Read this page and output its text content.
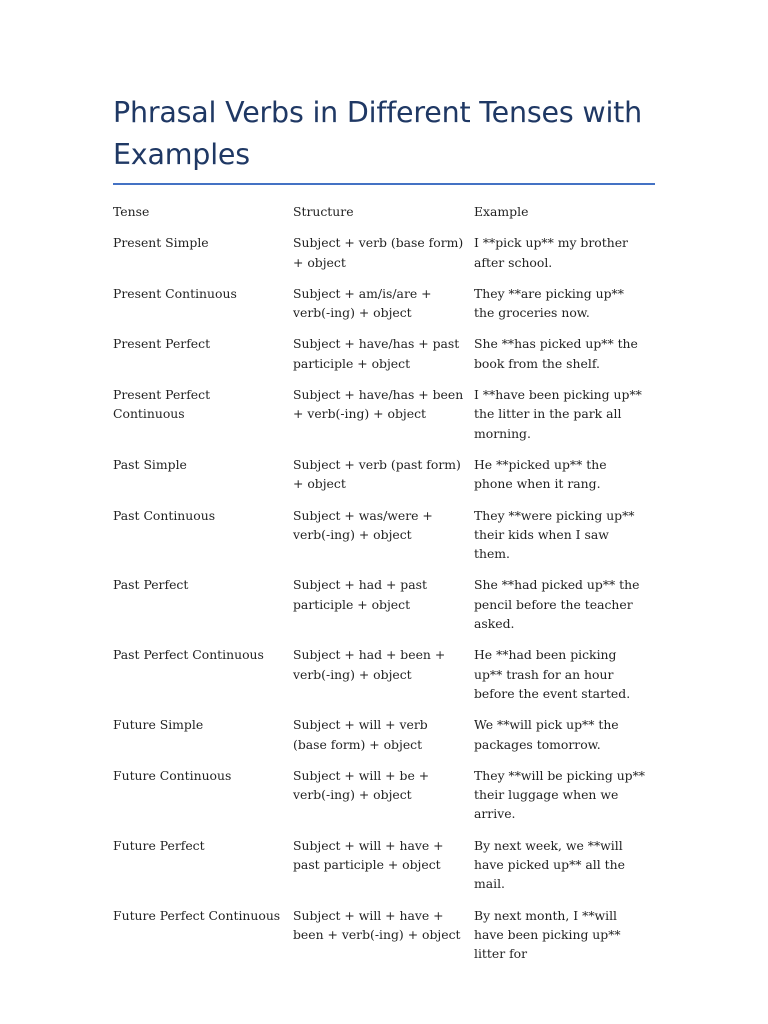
Phrasal Verbs in Different Tenses with Examples
Tense	Structure	Example
Present Simple	Subject + verb (base form) + object	I **pick up** my brother after school.
Present Continuous	Subject + am/is/are + verb(-ing) + object	They **are picking up** the groceries now.
Present Perfect	Subject + have/has + past participle + object	She **has picked up** the book from the shelf.
Present Perfect Continuous	Subject + have/has + been + verb(-ing) + object	I **have been picking up** the litter in the park all morning.
Past Simple	Subject + verb (past form) + object	He **picked up** the phone when it rang.
Past Continuous	Subject + was/were + verb(-ing) + object	They **were picking up** their kids when I saw them.
Past Perfect	Subject + had + past participle + object	She **had picked up** the pencil before the teacher asked.
Past Perfect Continuous	Subject + had + been + verb(-ing) + object	He **had been picking up** trash for an hour before the event started.
Future Simple	Subject + will + verb (base form) + object	We **will pick up** the packages tomorrow.
Future Continuous	Subject + will + be + verb(-ing) + object	They **will be picking up** their luggage when we arrive.
Future Perfect	Subject + will + have + past participle + object	By next week, we **will have picked up** all the mail.
Future Perfect Continuous	Subject + will + have + been + verb(-ing) + object	By next month, I **will have been picking up** litter for
